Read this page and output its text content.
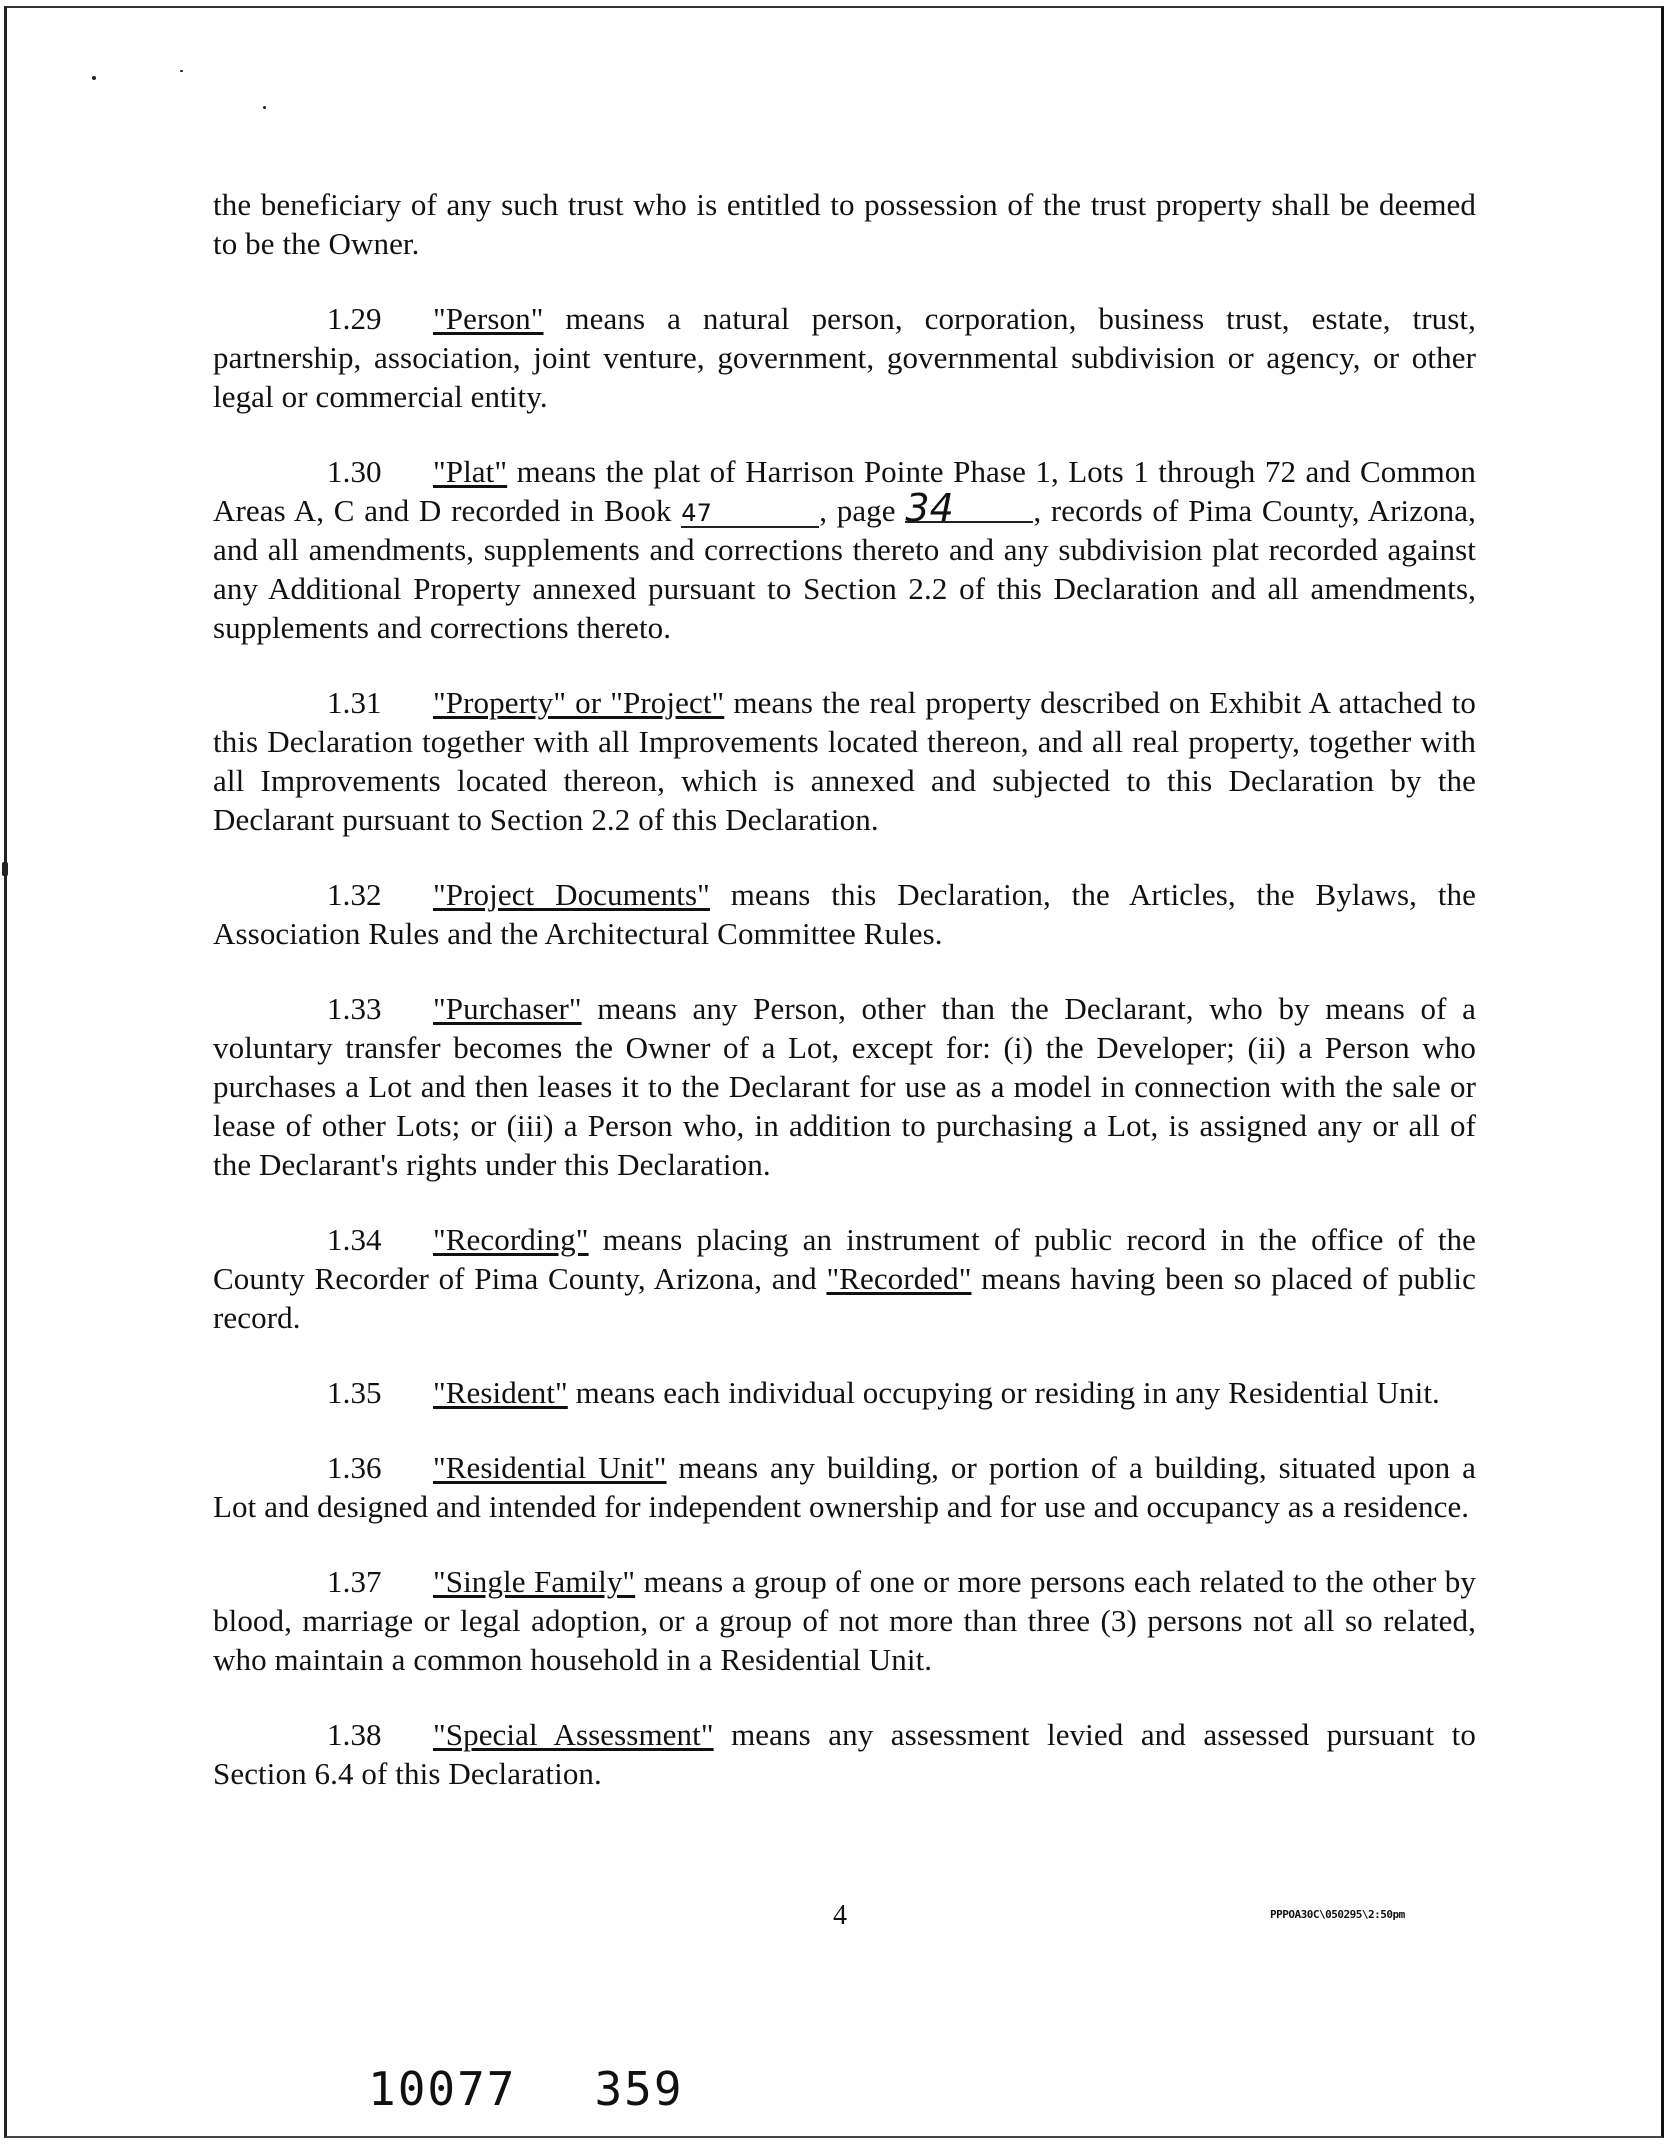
the beneficiary of any such trust who is entitled to possession of the trust property shall be deemed to be the Owner.

1.29 "Person" means a natural person, corporation, business trust, estate, trust, partnership, association, joint venture, government, governmental subdivision or agency, or other legal or commercial entity.

1.30 "Plat" means the plat of Harrison Pointe Phase 1, Lots 1 through 72 and Common Areas A, C and D recorded in Book 47	, page 34	, records of Pima County, Arizona, and all amendments, supplements and corrections thereto and any subdivision plat recorded against any Additional Property annexed pursuant to Section 2.2 of this Declaration and all amendments, supplements and corrections thereto.

1.31 "Property" or "Project" means the real property described on Exhibit A attached to this Declaration together with all Improvements located thereon, and all real property, together with all Improvements located thereon, which is annexed and subjected to this Declaration by the Declarant pursuant to Section 2.2 of this Declaration.

1.32 "Project Documents" means this Declaration, the Articles, the Bylaws, the Association Rules and the Architectural Committee Rules.

1.33 "Purchaser" means any Person, other than the Declarant, who by means of a voluntary transfer becomes the Owner of a Lot, except for: (i) the Developer; (ii) a Person who purchases a Lot and then leases it to the Declarant for use as a model in connection with the sale or lease of other Lots; or (iii) a Person who, in addition to purchasing a Lot, is assigned any or all of the Declarant's rights under this Declaration.

1.34 "Recording" means placing an instrument of public record in the office of the County Recorder of Pima County, Arizona, and "Recorded" means having been so placed of public record.

1.35 "Resident" means each individual occupying or residing in any Residential Unit.

1.36 "Residential Unit" means any building, or portion of a building, situated upon a Lot and designed and intended for independent ownership and for use and occupancy as a residence.

1.37 "Single Family" means a group of one or more persons each related to the other by blood, marriage or legal adoption, or a group of not more than three (3) persons not all so related, who maintain a common household in a Residential Unit.

1.38 "Special Assessment" means any assessment levied and assessed pursuant to Section 6.4 of this Declaration.

4	PPPOA30C\050295\2:50pm
10077 359
